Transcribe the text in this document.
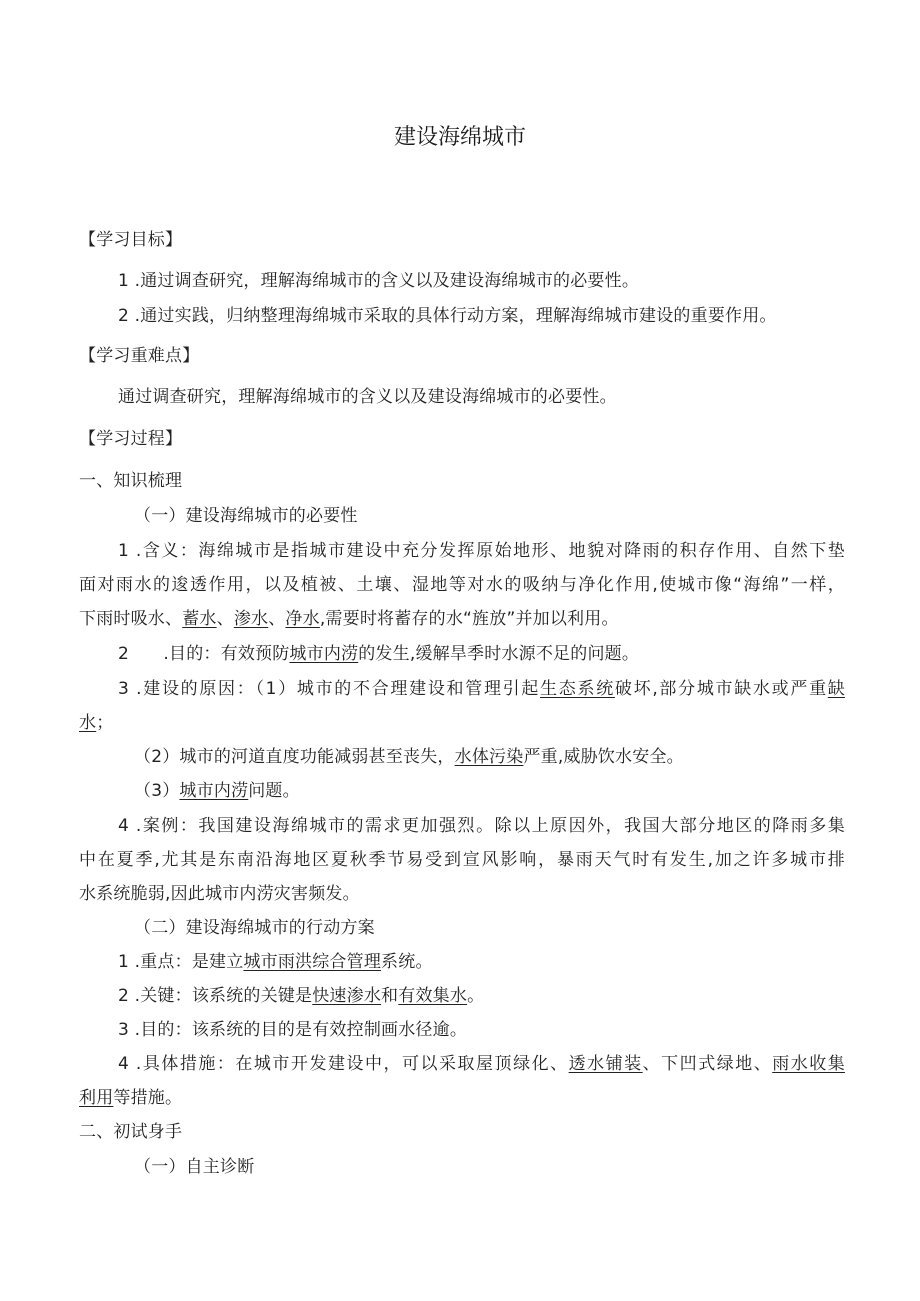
建设海绵城市
【学习目标】
1 .通过调查研究，理解海绵城市的含义以及建设海绵城市的必要性。
2 .通过实践，归纳整理海绵城市采取的具体行动方案，理解海绵城市建设的重要作用。
【学习重难点】
通过调查研究，理解海绵城市的含义以及建设海绵城市的必要性。
【学习过程】
一、知识梳理
（一）建设海绵城市的必要性
1 .含义：海绵城市是指城市建设中充分发挥原始地形、地貌对降雨的积存作用、自然下垫
面对雨水的逡透作用，以及植被、土壤、湿地等对水的吸纳与净化作用,使城市像“海绵”一样，
下雨时吸水、蓄水、渗水、净水,需要时将蓄存的水“旌放”并加以利用。
2　　.目的：有效预防城市内涝的发生,缓解旱季时水源不足的问题。
3 .建设的原因：（1）城市的不合理建设和管理引起生态系统破坏,部分城市缺水或严重缺
水；
（2）城市的河道直度功能减弱甚至丧失，水体污染严重,威胁饮水安全。
（3）城市内涝问题。
4 .案例：我国建设海绵城市的需求更加强烈。除以上原因外，我国大部分地区的降雨多集
中在夏季,尤其是东南沿海地区夏秋季节易受到宣风影响，暴雨天气时有发生,加之许多城市排
水系统脆弱,因此城市内涝灾害频发。
（二）建设海绵城市的行动方案
1 .重点：是建立城市雨洪综合管理系统。
2 .关键：该系统的关键是快速渗水和有效集水。
3 .目的：该系统的目的是有效控制画水径逾。
4 .具体措施：在城市开发建设中，可以采取屋顶绿化、透水铺装、下凹式绿地、雨水收集
利用等措施。
二、初试身手
（一）自主诊断
